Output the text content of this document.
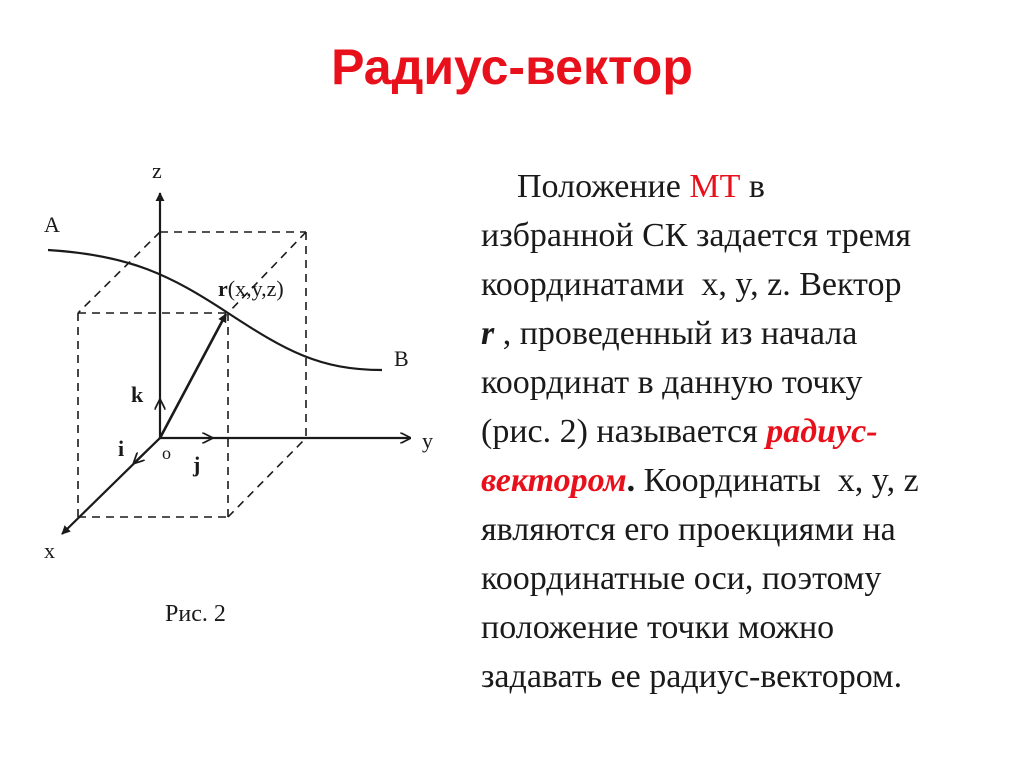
Радиус-вектор
z
y
x
o
A
B
r(x,y,z)
k
i
j
Рис. 2
Положение МТ в
избранной СК задается тремя
координатами  x, y, z. Вектор
r , проведенный из начала
координат в данную точку
(рис. 2) называется радиус-
вектором. Координаты  x, y, z
являются его проекциями на
координатные оси, поэтому
положение точки можно
задавать ее радиус-вектором.
